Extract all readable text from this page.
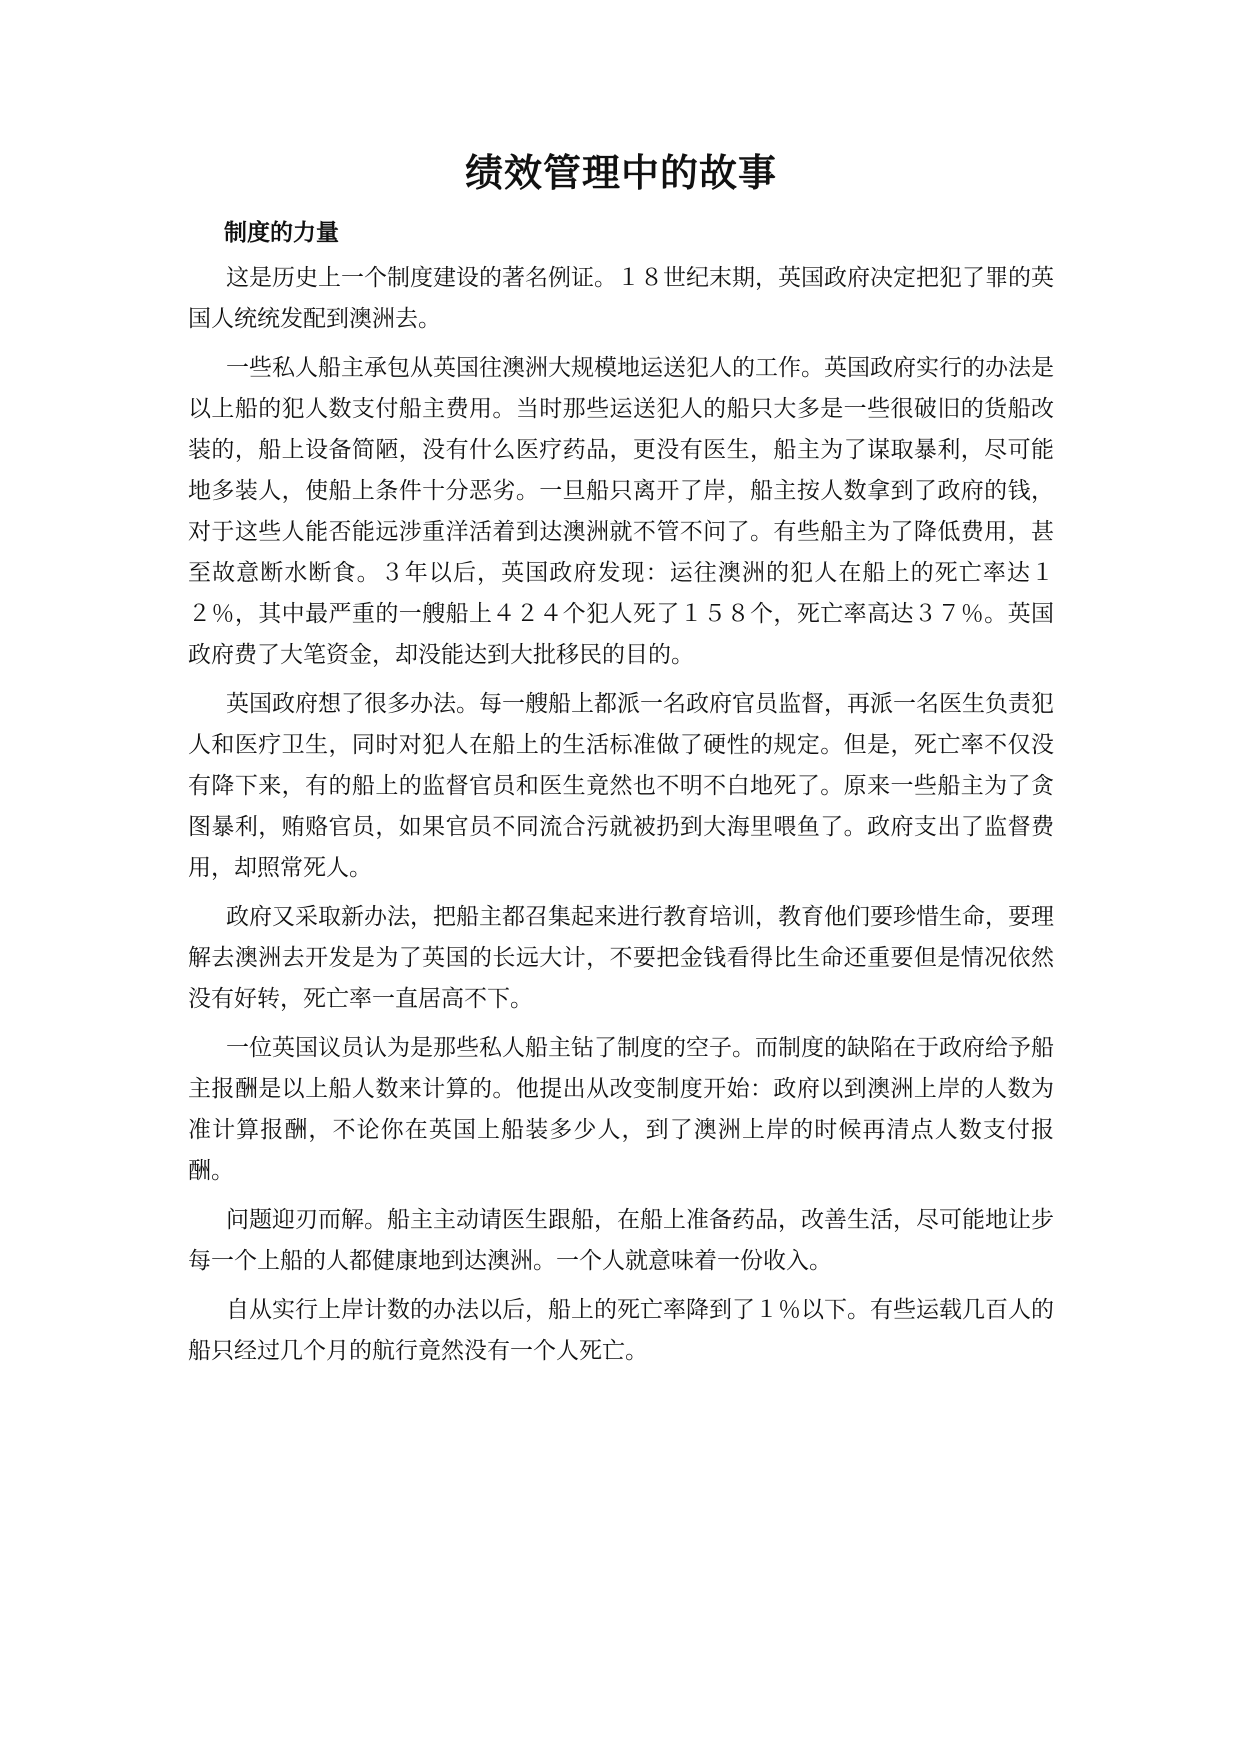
绩效管理中的故事
制度的力量

这是历史上一个制度建设的著名例证。１８世纪末期，英国政府决定把犯了罪的英国人统统发配到澳洲去。

一些私人船主承包从英国往澳洲大规模地运送犯人的工作。英国政府实行的办法是以上船的犯人数支付船主费用。当时那些运送犯人的船只大多是一些很破旧的货船改装的，船上设备简陋，没有什么医疗药品，更没有医生，船主为了谋取暴利，尽可能地多装人，使船上条件十分恶劣。一旦船只离开了岸，船主按人数拿到了政府的钱，对于这些人能否能远涉重洋活着到达澳洲就不管不问了。有些船主为了降低费用，甚至故意断水断食。３年以后，英国政府发现：运往澳洲的犯人在船上的死亡率达１２％，其中最严重的一艘船上４２４个犯人死了１５８个，死亡率高达３７％。英国政府费了大笔资金，却没能达到大批移民的目的。

英国政府想了很多办法。每一艘船上都派一名政府官员监督，再派一名医生负责犯人和医疗卫生，同时对犯人在船上的生活标准做了硬性的规定。但是，死亡率不仅没有降下来，有的船上的监督官员和医生竟然也不明不白地死了。原来一些船主为了贪图暴利，贿赂官员，如果官员不同流合污就被扔到大海里喂鱼了。政府支出了监督费用，却照常死人。

政府又采取新办法，把船主都召集起来进行教育培训，教育他们要珍惜生命，要理解去澳洲去开发是为了英国的长远大计，不要把金钱看得比生命还重要但是情况依然没有好转，死亡率一直居高不下。

一位英国议员认为是那些私人船主钻了制度的空子。而制度的缺陷在于政府给予船主报酬是以上船人数来计算的。他提出从改变制度开始：政府以到澳洲上岸的人数为准计算报酬，不论你在英国上船装多少人，到了澳洲上岸的时候再清点人数支付报酬。

问题迎刃而解。船主主动请医生跟船，在船上准备药品，改善生活，尽可能地让步每一个上船的人都健康地到达澳洲。一个人就意味着一份收入。

自从实行上岸计数的办法以后，船上的死亡率降到了１％以下。有些运载几百人的船只经过几个月的航行竟然没有一个人死亡。
